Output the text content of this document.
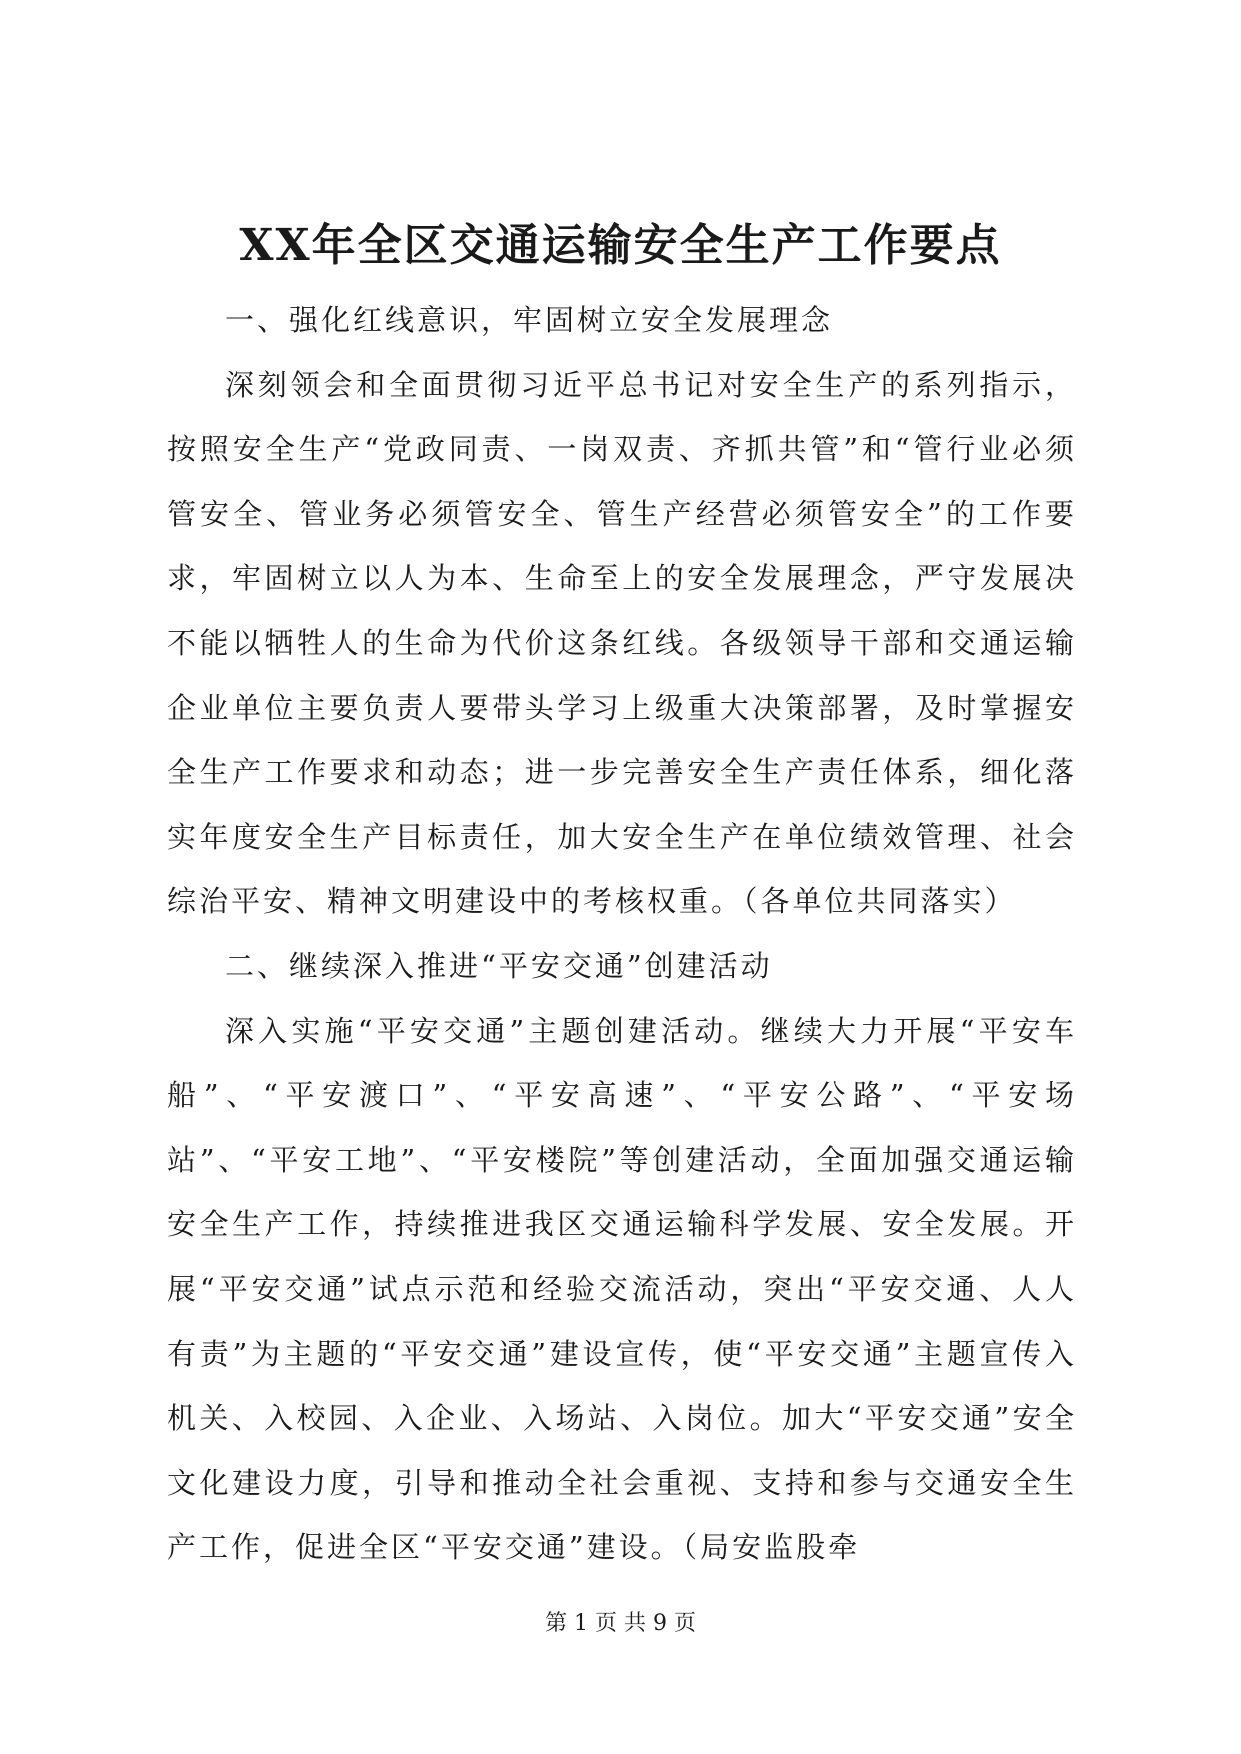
XX年全区交通运输安全生产工作要点

一、强化红线意识，牢固树立安全发展理念

深刻领会和全面贯彻习近平总书记对安全生产的系列指示，按照安全生产“党政同责、一岗双责、齐抓共管”和“管行业必须管安全、管业务必须管安全、管生产经营必须管安全”的工作要求，牢固树立以人为本、生命至上的安全发展理念，严守发展决不能以牺牲人的生命为代价这条红线。各级领导干部和交通运输企业单位主要负责人要带头学习上级重大决策部署，及时掌握安全生产工作要求和动态；进一步完善安全生产责任体系，细化落实年度安全生产目标责任，加大安全生产在单位绩效管理、社会综治平安、精神文明建设中的考核权重。（各单位共同落实）

二、继续深入推进“平安交通”创建活动

深入实施“平安交通”主题创建活动。继续大力开展“平安车船”、“平安渡口”、“平安高速”、“平安公路”、“平安场站”、“平安工地”、“平安楼院”等创建活动，全面加强交通运输安全生产工作，持续推进我区交通运输科学发展、安全发展。开展“平安交通”试点示范和经验交流活动，突出“平安交通、人人有责”为主题的“平安交通”建设宣传，使“平安交通”主题宣传入机关、入校园、入企业、入场站、入岗位。加大“平安交通”安全文化建设力度，引导和推动全社会重视、支持和参与交通安全生产工作，促进全区“平安交通”建设。（局安监股牵

第 1 页 共 9 页
